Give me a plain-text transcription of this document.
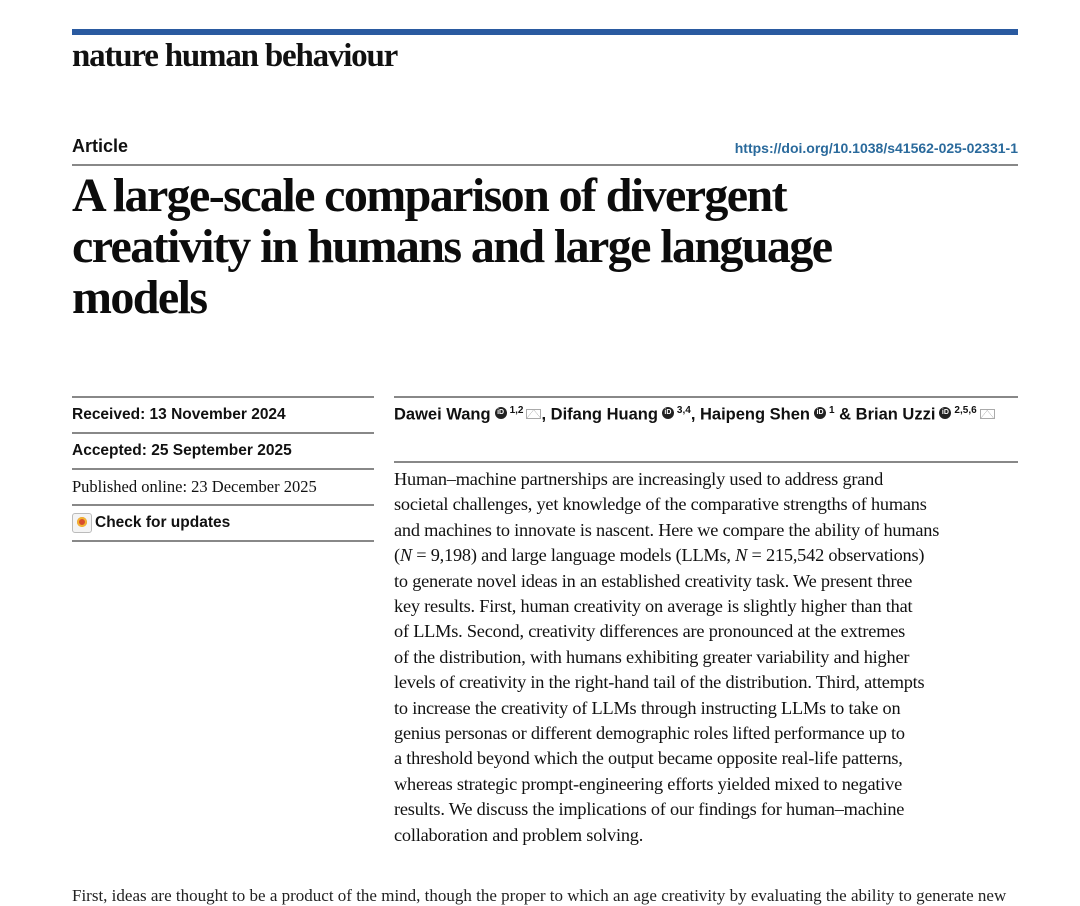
nature human behaviour
Article	https://doi.org/10.1038/s41562-025-02331-1
A large-scale comparison of divergent creativity in humans and large language models
Received: 13 November 2024
Accepted: 25 September 2025
Published online: 23 December 2025
Check for updates
Dawei Wang iD $^{1,2}$ , Difang Huang iD $^{3,4}$, Haipeng Shen iD $^1$ & Brian Uzzi iD $^{2,5,6}$

Human–machine partnerships are increasingly used to address grand
societal challenges, yet knowledge of the comparative strengths of humans
and machines to innovate is nascent. Here we compare the ability of humans
(N = 9,198) and large language models (LLMs, N = 215,542 observations)
to generate novel ideas in an established creativity task. We present three
key results. First, human creativity on average is slightly higher than that
of LLMs. Second, creativity differences are pronounced at the extremes
of the distribution, with humans exhibiting greater variability and higher
levels of creativity in the right-hand tail of the distribution. Third, attempts
to increase the creativity of LLMs through instructing LLMs to take on
genius personas or different demographic roles lifted performance up to
a threshold beyond which the output became opposite real-life patterns,
whereas strategic prompt-engineering efforts yielded mixed to negative
results. We discuss the implications of our findings for human–machine
collaboration and problem solving.

First, ideas are thought to be a product of the mind, though the proper to which an age creativity by evaluating the ability to generate new
